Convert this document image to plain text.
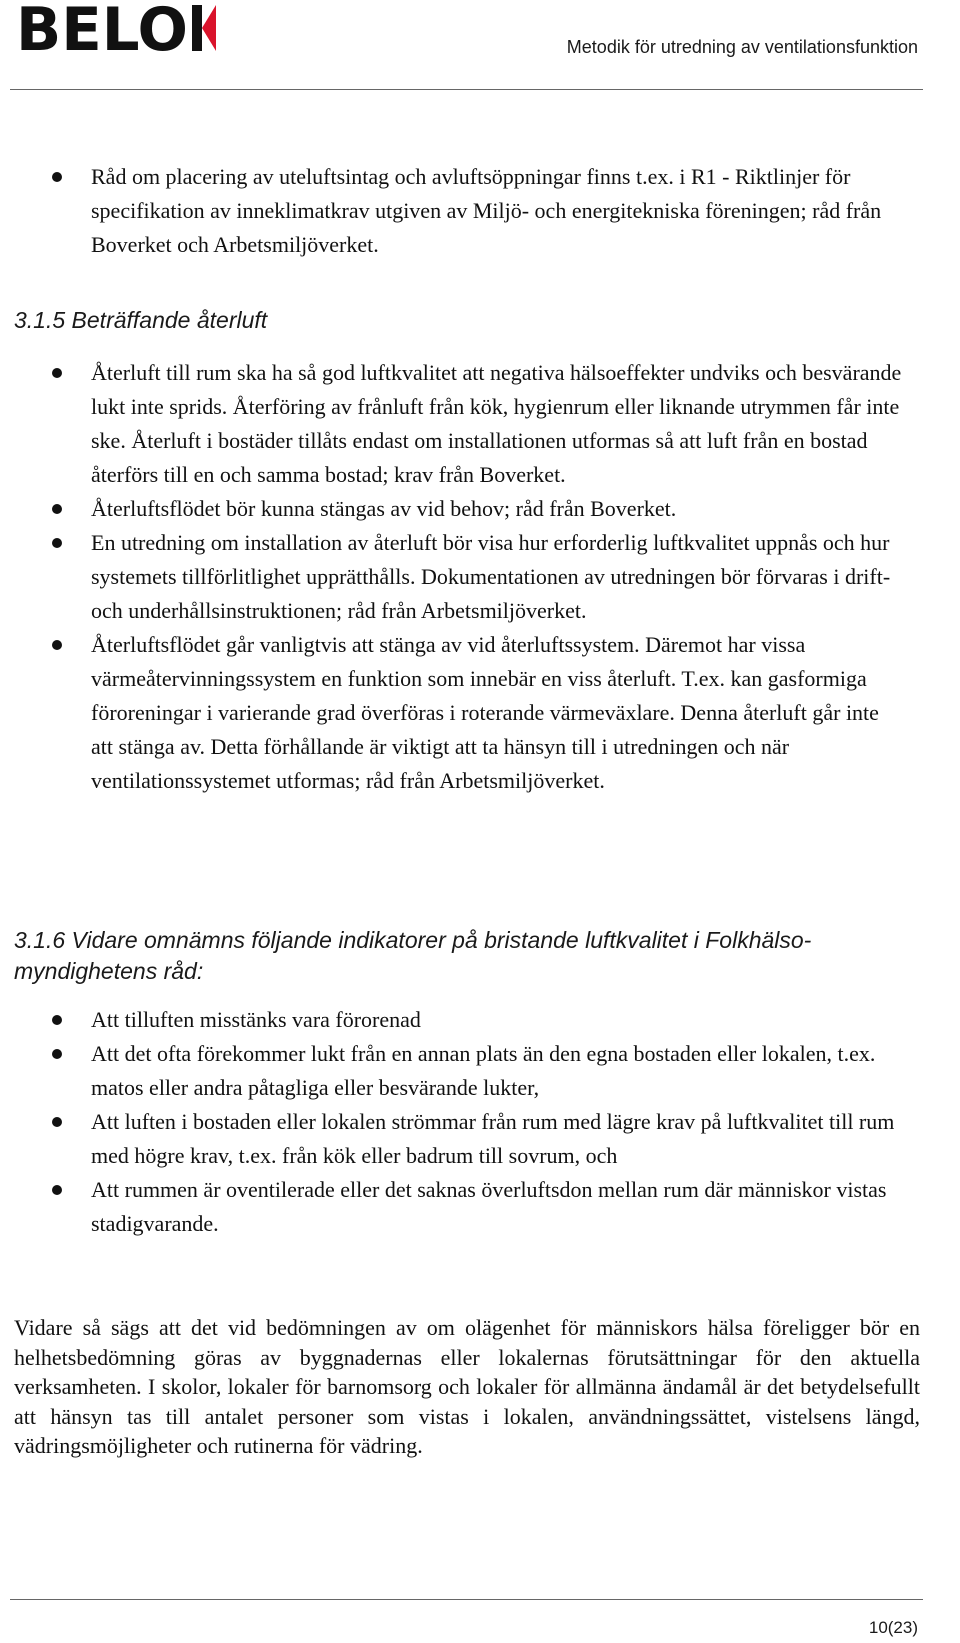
BELO	Metodik för utredning av ventilationsfunktion
Råd om placering av uteluftsintag och avluftsöppningar finns t.ex. i R1 - Riktlinjer för specifikation av inneklimatkrav utgiven av Miljö- och energitekniska föreningen; råd från Boverket och Arbetsmiljöverket.
3.1.5 Beträffande återluft
Återluft till rum ska ha så god luftkvalitet att negativa hälsoeffekter undviks och besvärande lukt inte sprids. Återföring av frånluft från kök, hygienrum eller liknande utrymmen får inte ske. Återluft i bostäder tillåts endast om installationen utformas så att luft från en bostad återförs till en och samma bostad; krav från Boverket.
Återluftsflödet bör kunna stängas av vid behov; råd från Boverket.
En utredning om installation av återluft bör visa hur erforderlig luftkvalitet uppnås och hur systemets tillförlitlighet upprätthålls. Dokumentationen av utredningen bör förvaras i drift- och underhållsinstruktionen; råd från Arbetsmiljöverket.
Återluftsflödet går vanligtvis att stänga av vid återluftssystem. Däremot har vissa värmeåtervinningssystem en funktion som innebär en viss återluft. T.ex. kan gasformiga föroreningar i varierande grad överföras i roterande värmeväxlare. Denna återluft går inte att stänga av. Detta förhållande är viktigt att ta hänsyn till i utredningen och när ventilationssystemet utformas; råd från Arbetsmiljöverket.
3.1.6 Vidare omnämns följande indikatorer på bristande luftkvalitet i Folkhälso-myndighetens råd:
Att tilluften misstänks vara förorenad
Att det ofta förekommer lukt från en annan plats än den egna bostaden eller lokalen, t.ex. matos eller andra påtagliga eller besvärande lukter,
Att luften i bostaden eller lokalen strömmar från rum med lägre krav på luftkvalitet till rum med högre krav, t.ex. från kök eller badrum till sovrum, och
Att rummen är oventilerade eller det saknas överluftsdon mellan rum där människor vistas stadigvarande.

Vidare så sägs att det vid bedömningen av om olägenhet för människors hälsa föreligger bör en helhetsbedömning göras av byggnadernas eller lokalernas förutsättningar för den aktuella verksamheten. I skolor, lokaler för barnomsorg och lokaler för allmänna ändamål är det betydelsefullt att hänsyn tas till antalet personer som vistas i lokalen, användningssättet, vistelsens längd, vädringsmöjligheter och rutinerna för vädring.

10(23)
